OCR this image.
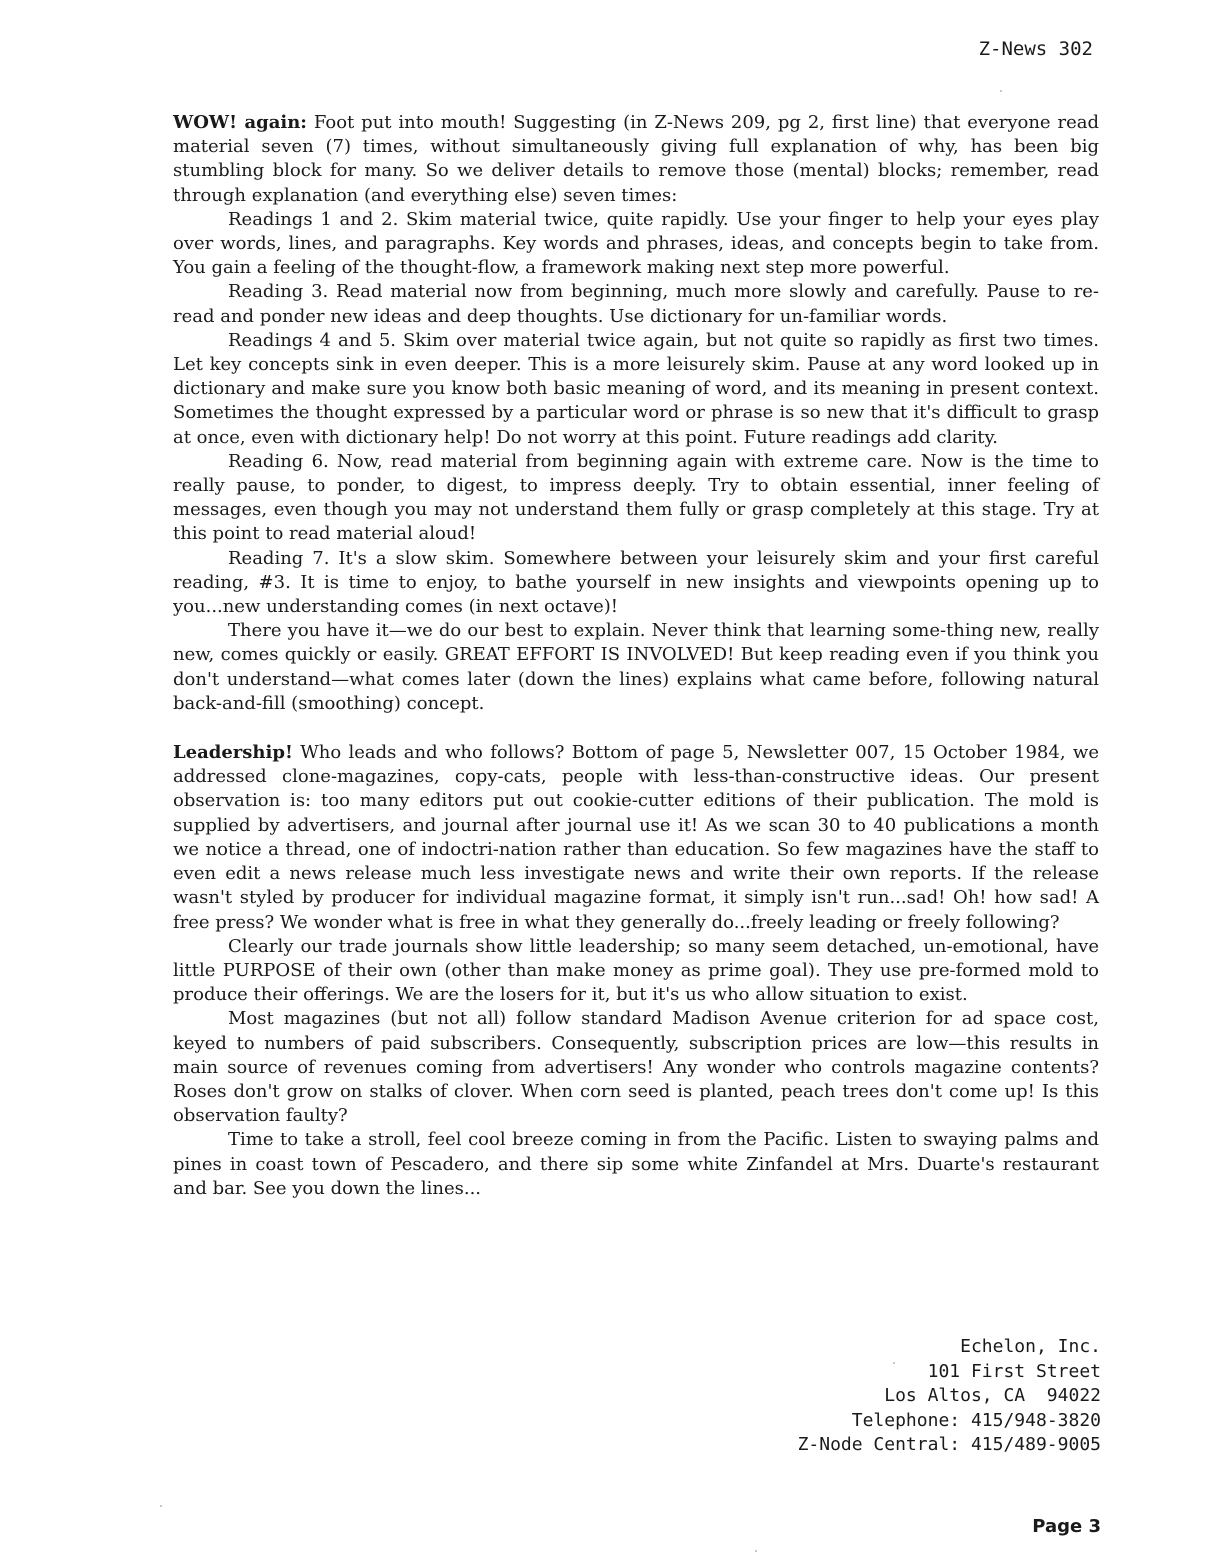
Z-News 302

WOW! again: Foot put into mouth! Suggesting (in Z-News 209, pg 2, first line) that everyone read material seven (7) times, without simultaneously giving full explanation of why, has been big stumbling block for many. So we deliver details to remove those (mental) blocks; remember, read through explanation (and everything else) seven times:

Readings 1 and 2. Skim material twice, quite rapidly. Use your finger to help your eyes play over words, lines, and paragraphs. Key words and phrases, ideas, and concepts begin to take from. You gain a feeling of the thought-flow, a framework making next step more powerful.

Reading 3. Read material now from beginning, much more slowly and carefully. Pause to re-read and ponder new ideas and deep thoughts. Use dictionary for un-familiar words.

Readings 4 and 5. Skim over material twice again, but not quite so rapidly as first two times. Let key concepts sink in even deeper. This is a more leisurely skim. Pause at any word looked up in dictionary and make sure you know both basic meaning of word, and its meaning in present context. Sometimes the thought expressed by a particular word or phrase is so new that it's difficult to grasp at once, even with dictionary help! Do not worry at this point. Future readings add clarity.

Reading 6. Now, read material from beginning again with extreme care. Now is the time to really pause, to ponder, to digest, to impress deeply. Try to obtain essential, inner feeling of messages, even though you may not understand them fully or grasp completely at this stage. Try at this point to read material aloud!

Reading 7. It's a slow skim. Somewhere between your leisurely skim and your first careful reading, #3. It is time to enjoy, to bathe yourself in new insights and viewpoints opening up to you...new understanding comes (in next octave)!

There you have it—we do our best to explain. Never think that learning some-thing new, really new, comes quickly or easily. GREAT EFFORT IS INVOLVED! But keep reading even if you think you don't understand—what comes later (down the lines) explains what came before, following natural back-and-fill (smoothing) concept.

Leadership! Who leads and who follows? Bottom of page 5, Newsletter 007, 15 October 1984, we addressed clone-magazines, copy-cats, people with less-than-constructive ideas. Our present observation is: too many editors put out cookie-cutter editions of their publication. The mold is supplied by advertisers, and journal after journal use it! As we scan 30 to 40 publications a month we notice a thread, one of indoctri-nation rather than education. So few magazines have the staff to even edit a news release much less investigate news and write their own reports. If the release wasn't styled by producer for individual magazine format, it simply isn't run...sad! Oh! how sad! A free press? We wonder what is free in what they generally do...freely leading or freely following?

Clearly our trade journals show little leadership; so many seem detached, un-emotional, have little PURPOSE of their own (other than make money as prime goal). They use pre-formed mold to produce their offerings. We are the losers for it, but it's us who allow situation to exist.

Most magazines (but not all) follow standard Madison Avenue criterion for ad space cost, keyed to numbers of paid subscribers. Consequently, subscription prices are low—this results in main source of revenues coming from advertisers! Any wonder who controls magazine contents? Roses don't grow on stalks of clover. When corn seed is planted, peach trees don't come up! Is this observation faulty?

Time to take a stroll, feel cool breeze coming in from the Pacific. Listen to swaying palms and pines in coast town of Pescadero, and there sip some white Zinfandel at Mrs. Duarte's restaurant and bar. See you down the lines...

Echelon, Inc.
101 First Street
Los Altos, CA  94022
Telephone: 415/948-3820
Z-Node Central: 415/489-9005
Page 3
